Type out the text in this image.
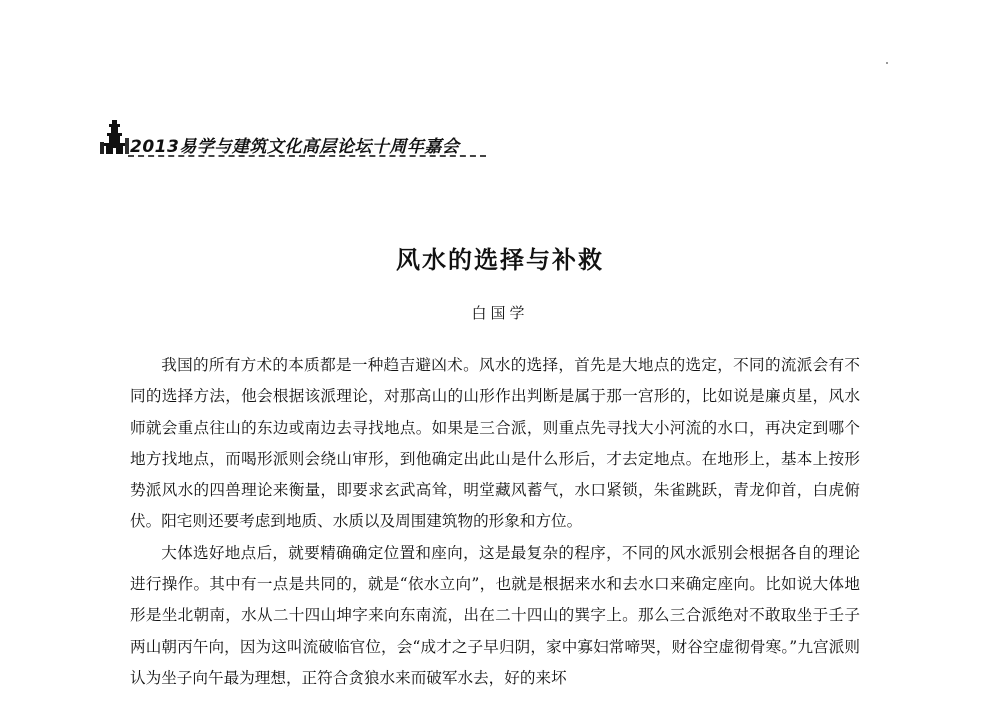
2013易学与建筑文化高层论坛十周年嘉会
风水的选择与补救
白国学

我国的所有方术的本质都是一种趋吉避凶术。风水的选择，首先是大地点的选定，不同的流派会有不同的选择方法，他会根据该派理论，对那高山的山形作出判断是属于那一宫形的，比如说是廉贞星，风水师就会重点往山的东边或南边去寻找地点。如果是三合派，则重点先寻找大小河流的水口，再决定到哪个地方找地点，而喝形派则会绕山审形，到他确定出此山是什么形后，才去定地点。在地形上，基本上按形势派风水的四兽理论来衡量，即要求玄武高耸，明堂藏风蓄气，水口紧锁，朱雀跳跃，青龙仰首，白虎俯伏。阳宅则还要考虑到地质、水质以及周围建筑物的形象和方位。

大体选好地点后，就要精确确定位置和座向，这是最复杂的程序，不同的风水派别会根据各自的理论进行操作。其中有一点是共同的，就是“依水立向”，也就是根据来水和去水口来确定座向。比如说大体地形是坐北朝南，水从二十四山坤字来向东南流，出在二十四山的巽字上。那么三合派绝对不敢取坐于壬子两山朝丙午向，因为这叫流破临官位，会“成才之子早归阴，家中寡妇常啼哭，财谷空虚彻骨寒。”九宫派则认为坐子向午最为理想，正符合贪狼水来而破军水去，好的来坏
